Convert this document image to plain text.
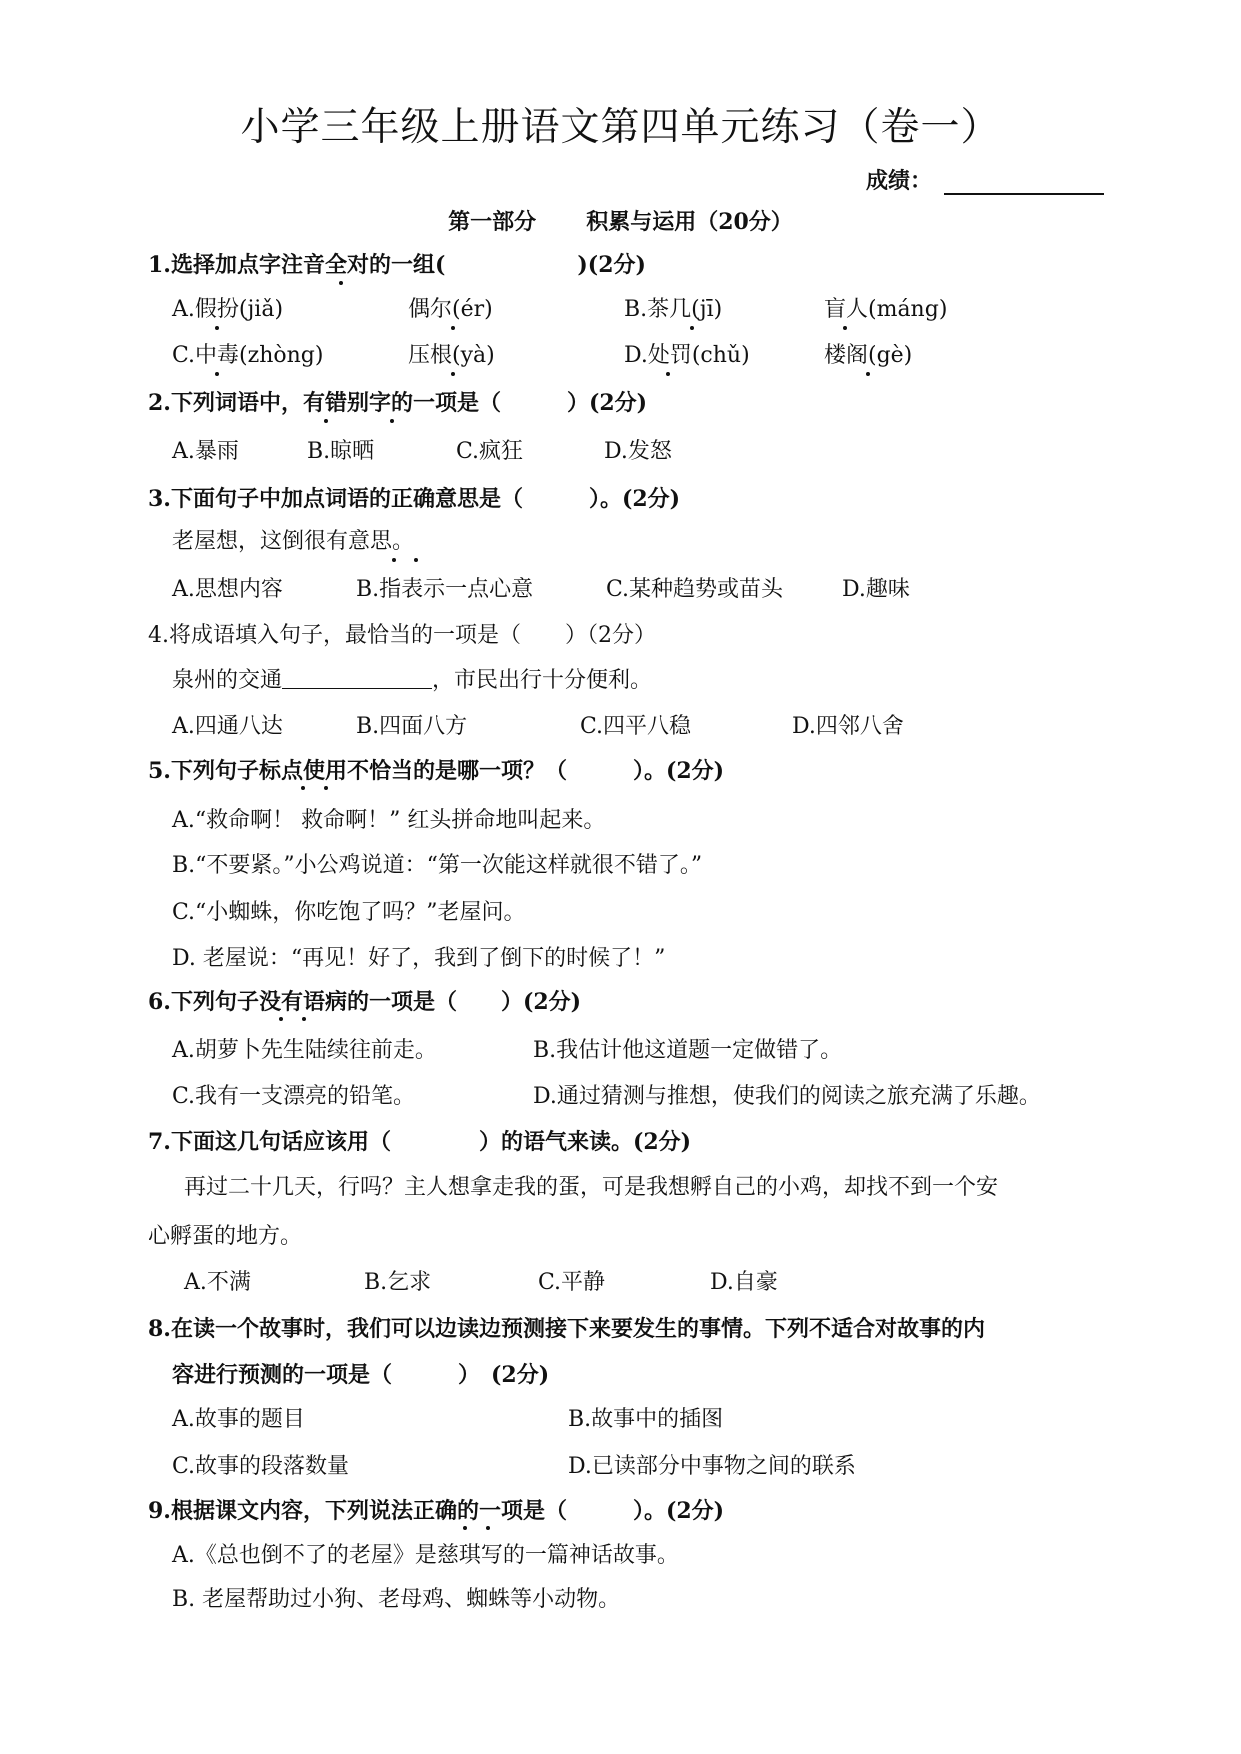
小学三年级上册语文第四单元练习（卷一）
成绩：
第一部分 积累与运用（20分）
1.选择加点字注音全对的一组(　　　　　　)(2分)
A.假扮(jiǎ)	偶尔(ér)	B.茶几(jī)	盲人(máng)
C.中毒(zhòng)	压根(yà)	D.处罚(chǔ)	楼阁(gè)
2.下列词语中，有错别字的一项是（　　　）(2分)
A.暴雨	B.晾晒	C.疯狂	D.发怒
3.下面句子中加点词语的正确意思是（　　　）。(2分)
老屋想，这倒很有意思。
A.思想内容	B.指表示一点心意	C.某种趋势或苗头	D.趣味
4.将成语填入句子，最恰当的一项是（　　）（2分）
泉州的交通	，市民出行十分便利。
A.四通八达	B.四面八方	C.四平八稳	D.四邻八舍
5.下列句子标点使用不恰当的是哪一项？（　　　）。(2分)
A.“救命啊！ 救命啊！” 红头拼命地叫起来。
B.“不要紧。”小公鸡说道：“第一次能这样就很不错了。”
C.“小蜘蛛，你吃饱了吗？”老屋问。
D. 老屋说：“再见！好了，我到了倒下的时候了！”
6.下列句子没有语病的一项是（　　）(2分)
A.胡萝卜先生陆续往前走。	B.我估计他这道题一定做错了。
C.我有一支漂亮的铅笔。	D.通过猜测与推想，使我们的阅读之旅充满了乐趣。
7.下面这几句话应该用（　　　　）的语气来读。(2分)
再过二十几天，行吗？主人想拿走我的蛋，可是我想孵自己的小鸡，却找不到一个安
心孵蛋的地方。
A.不满	B.乞求	C.平静	D.自豪
8.在读一个故事时，我们可以边读边预测接下来要发生的事情。下列不适合对故事的内
容进行预测的一项是（　　　）　(2分)
A.故事的题目	B.故事中的插图
C.故事的段落数量	D.已读部分中事物之间的联系
9.根据课文内容，下列说法正确的一项是（　　　）。(2分)
A.《总也倒不了的老屋》是慈琪写的一篇神话故事。
B. 老屋帮助过小狗、老母鸡、蜘蛛等小动物。
